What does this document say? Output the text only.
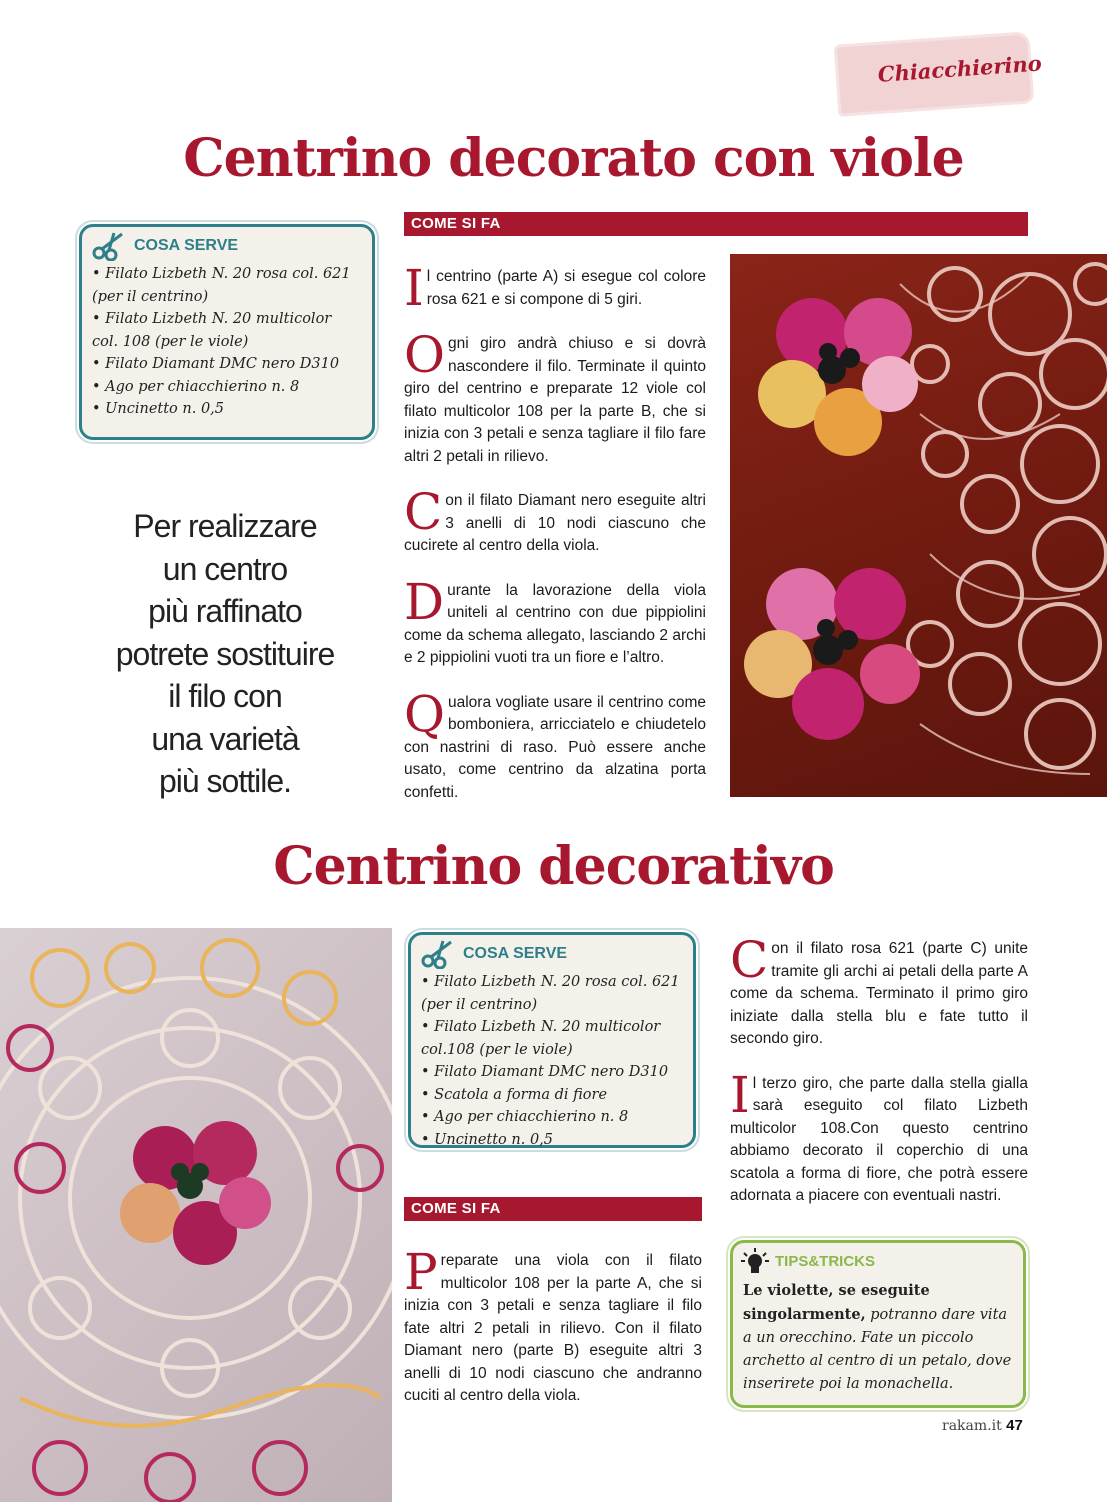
Chiacchierino
Centrino decorato con viole
COSA SERVE
• Filato Lizbeth N. 20 rosa col. 621
(per il centrino)
• Filato Lizbeth N. 20 multicolor
col. 108 (per le viole)
• Filato Diamant DMC nero D310
• Ago per chiacchierino n. 8
• Uncinetto n. 0,5
COME SI FA

Il centrino (parte A) si esegue col colore rosa 621 e si compone di 5 giri.

Ogni giro andrà chiuso e si dovrà nascondere il filo. Terminate il quinto giro del centrino e preparate 12 viole col filato multicolor 108 per la parte B, che si inizia con 3 petali e senza tagliare il filo fare altri 2 petali in rilievo.

Con il filato Diamant nero eseguite altri 3 anelli di 10 nodi ciascuno che cucirete al centro della viola.

Durante la lavorazione della viola uniteli al centrino con due pippiolini come da schema allegato, lasciando 2 archi e 2 pippiolini vuoti tra un fiore e l’altro.

Qualora vogliate usare il centrino come bomboniera, arricciatelo e chiudetelo con nastrini di raso. Può essere anche usato, come centrino da alzatina porta confetti.

Per realizzare
un centro
più raffinato
potrete sostituire
il filo con
una varietà
più sottile.
Centrino decorativo
COSA SERVE
• Filato Lizbeth N. 20 rosa col. 621
(per il centrino)
• Filato Lizbeth N. 20 multicolor
col.108 (per le viole)
• Filato Diamant DMC nero D310
• Scatola a forma di fiore
• Ago per chiacchierino n. 8
• Uncinetto n. 0,5
COME SI FA

Preparate una viola con il filato multicolor 108 per la parte A, che si inizia con 3 petali e senza tagliare il filo fate altri 2 petali in rilievo. Con il filato Diamant nero (parte B) eseguite altri 3 anelli di 10 nodi ciascuno che andranno cuciti al centro della viola.

Con il filato rosa 621 (parte C) unite tramite gli archi ai petali della parte A come da schema. Terminato il primo giro iniziate dalla stella blu e fate tutto il secondo giro.

Il terzo giro, che parte dalla stella gialla sarà eseguito col filato Lizbeth multicolor 108.Con questo centrino abbiamo decorato il coperchio di una scatola a forma di fiore, che potrà essere adornata a piacere con eventuali nastri.

TIPS&TRICKS
Le violette, se eseguite singolarmente, potranno dare vita a un orecchino. Fate un piccolo archetto al centro di un petalo, dove inserirete poi la monachella.
rakam.it 47
